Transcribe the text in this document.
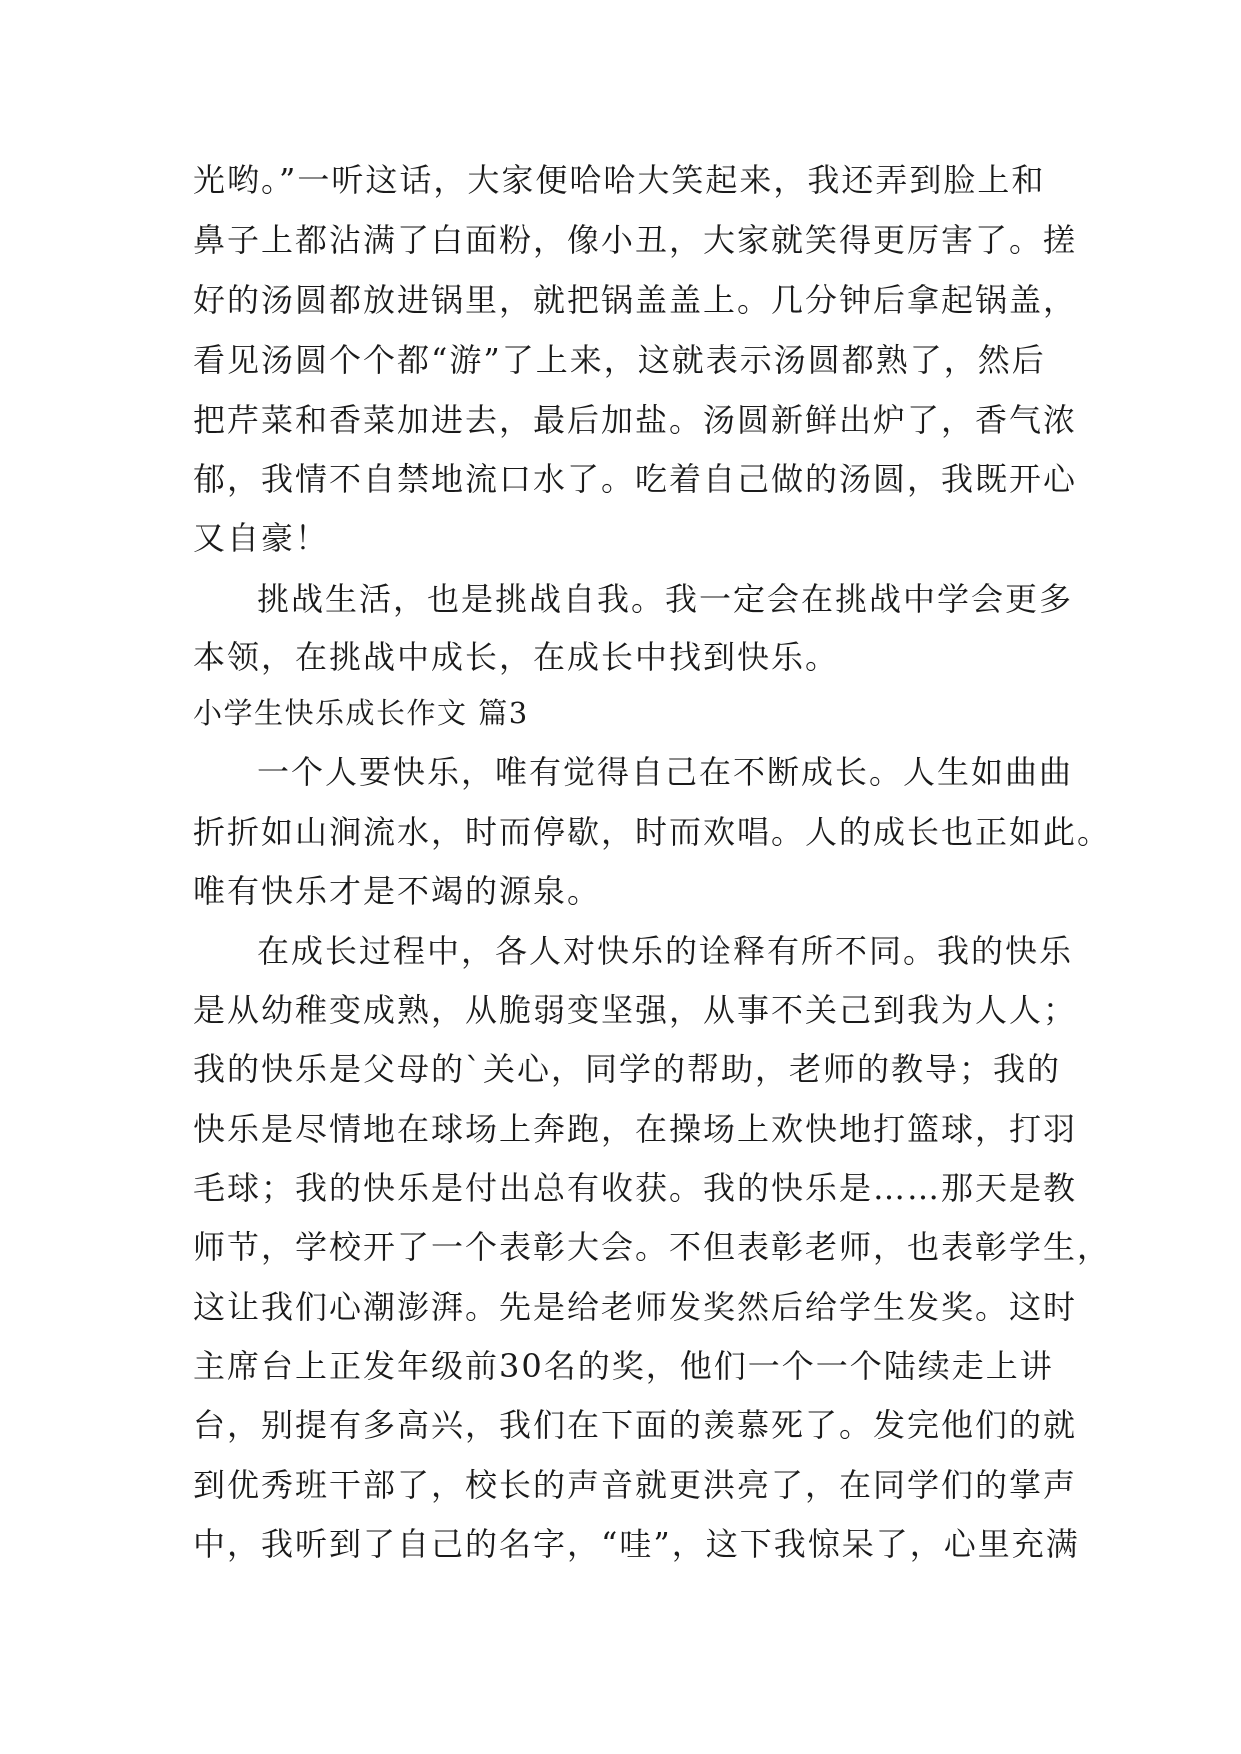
光哟。”一听这话，大家便哈哈大笑起来，我还弄到脸上和
鼻子上都沾满了白面粉，像小丑，大家就笑得更厉害了。搓
好的汤圆都放进锅里，就把锅盖盖上。几分钟后拿起锅盖，
看见汤圆个个都“游”了上来，这就表示汤圆都熟了，然后
把芹菜和香菜加进去，最后加盐。汤圆新鲜出炉了，香气浓
郁，我情不自禁地流口水了。吃着自己做的汤圆，我既开心
又自豪！
挑战生活，也是挑战自我。我一定会在挑战中学会更多
本领，在挑战中成长，在成长中找到快乐。
小学生快乐成长作文 篇3
一个人要快乐，唯有觉得自己在不断成长。人生如曲曲
折折如山涧流水，时而停歇，时而欢唱。人的成长也正如此。
唯有快乐才是不竭的源泉。
在成长过程中，各人对快乐的诠释有所不同。我的快乐
是从幼稚变成熟，从脆弱变坚强，从事不关己到我为人人；
我的快乐是父母的`关心，同学的帮助，老师的教导；我的
快乐是尽情地在球场上奔跑，在操场上欢快地打篮球，打羽
毛球；我的快乐是付出总有收获。我的快乐是……那天是教
师节，学校开了一个表彰大会。不但表彰老师，也表彰学生，
这让我们心潮澎湃。先是给老师发奖然后给学生发奖。这时
主席台上正发年级前30名的奖，他们一个一个陆续走上讲
台，别提有多高兴，我们在下面的羡慕死了。发完他们的就
到优秀班干部了，校长的声音就更洪亮了，在同学们的掌声
中，我听到了自己的名字，“哇”，这下我惊呆了，心里充满
